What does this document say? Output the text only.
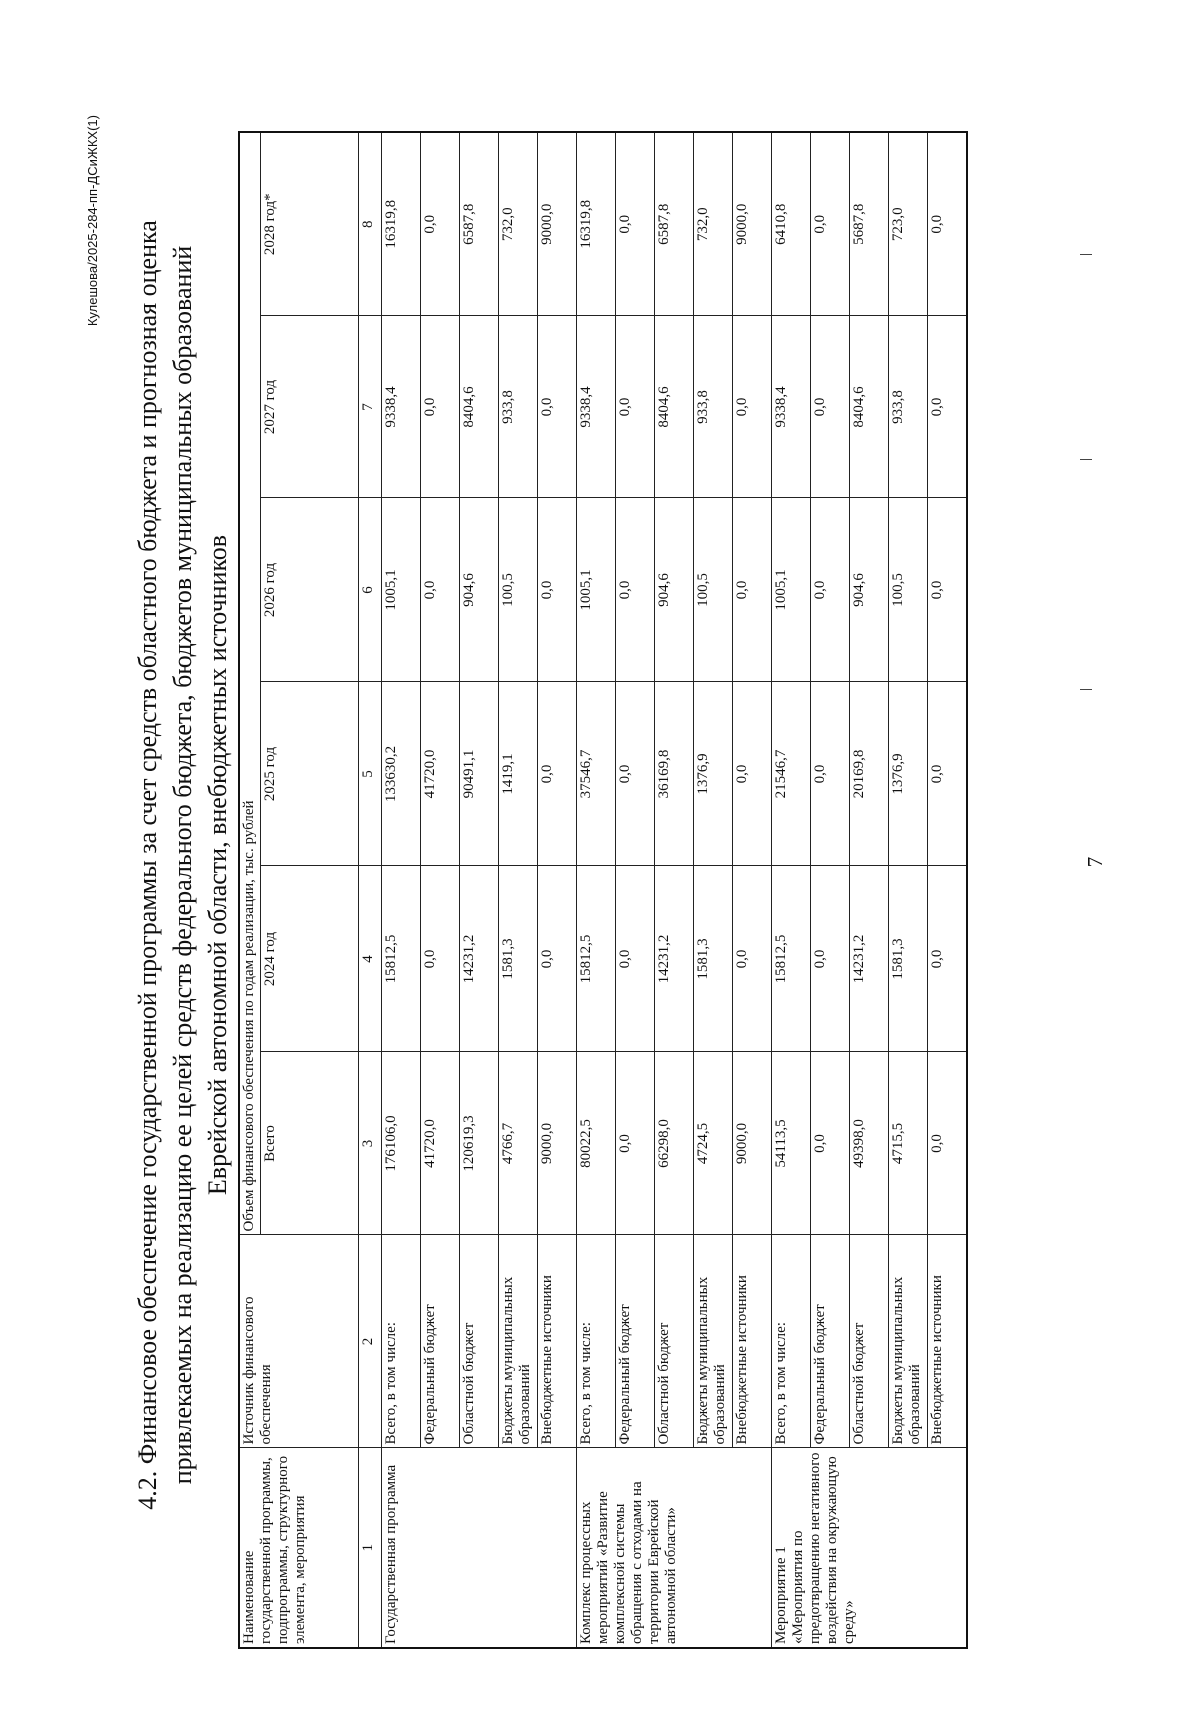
7
4.2. Финансовое обеспечение государственной программы за счет средств областного бюджета и прогнозная оценка привлекаемых на реализацию ее целей средств федерального бюджета, бюджетов муниципальных образований Еврейской автономной области, внебюджетных источников
Наименование государственной программы, подпрограммы, структурного элемента, мероприятия	Источник финансового обеспечения	Объем финансового обеспечения по годам реализации, тыс. рублей					
		Всего	2024 год	2025 год	2026 год	2027 год	2028 год*
1	2	3	4	5	6	7	8
Государственная программа	Всего, в том числе:	176106,0	15812,5	133630,2	1005,1	9338,4	16319,8
	Федеральный бюджет	41720,0	0,0	41720,0	0,0	0,0	0,0
	Областной бюджет	120619,3	14231,2	90491,1	904,6	8404,6	6587,8
	Бюджеты муниципальных образований	4766,7	1581,3	1419,1	100,5	933,8	732,0
	Внебюджетные источники	9000,0	0,0	0,0	0,0	0,0	9000,0
Комплекс процессных мероприятий «Развитие комплексной системы обращения с отходами на территории Еврейской автономной области»	Всего, в том числе:	80022,5	15812,5	37546,7	1005,1	9338,4	16319,8
	Федеральный бюджет	0,0	0,0	0,0	0,0	0,0	0,0
	Областной бюджет	66298,0	14231,2	36169,8	904,6	8404,6	6587,8
	Бюджеты муниципальных образований	4724,5	1581,3	1376,9	100,5	933,8	732,0
	Внебюджетные источники	9000,0	0,0	0,0	0,0	0,0	9000,0
Мероприятие 1 «Мероприятия по предотвращению негативного воздействия на окружающую среду»	Всего, в том числе:	54113,5	15812,5	21546,7	1005,1	9338,4	6410,8
	Федеральный бюджет	0,0	0,0	0,0	0,0	0,0	0,0
	Областной бюджет	49398,0	14231,2	20169,8	904,6	8404,6	5687,8
	Бюджеты муниципальных образований	4715,5	1581,3	1376,9	100,5	933,8	723,0
	Внебюджетные источники	0,0	0,0	0,0	0,0	0,0	0,0
Кулешова/2025-284-пп-ДСиЖКХ(1)
